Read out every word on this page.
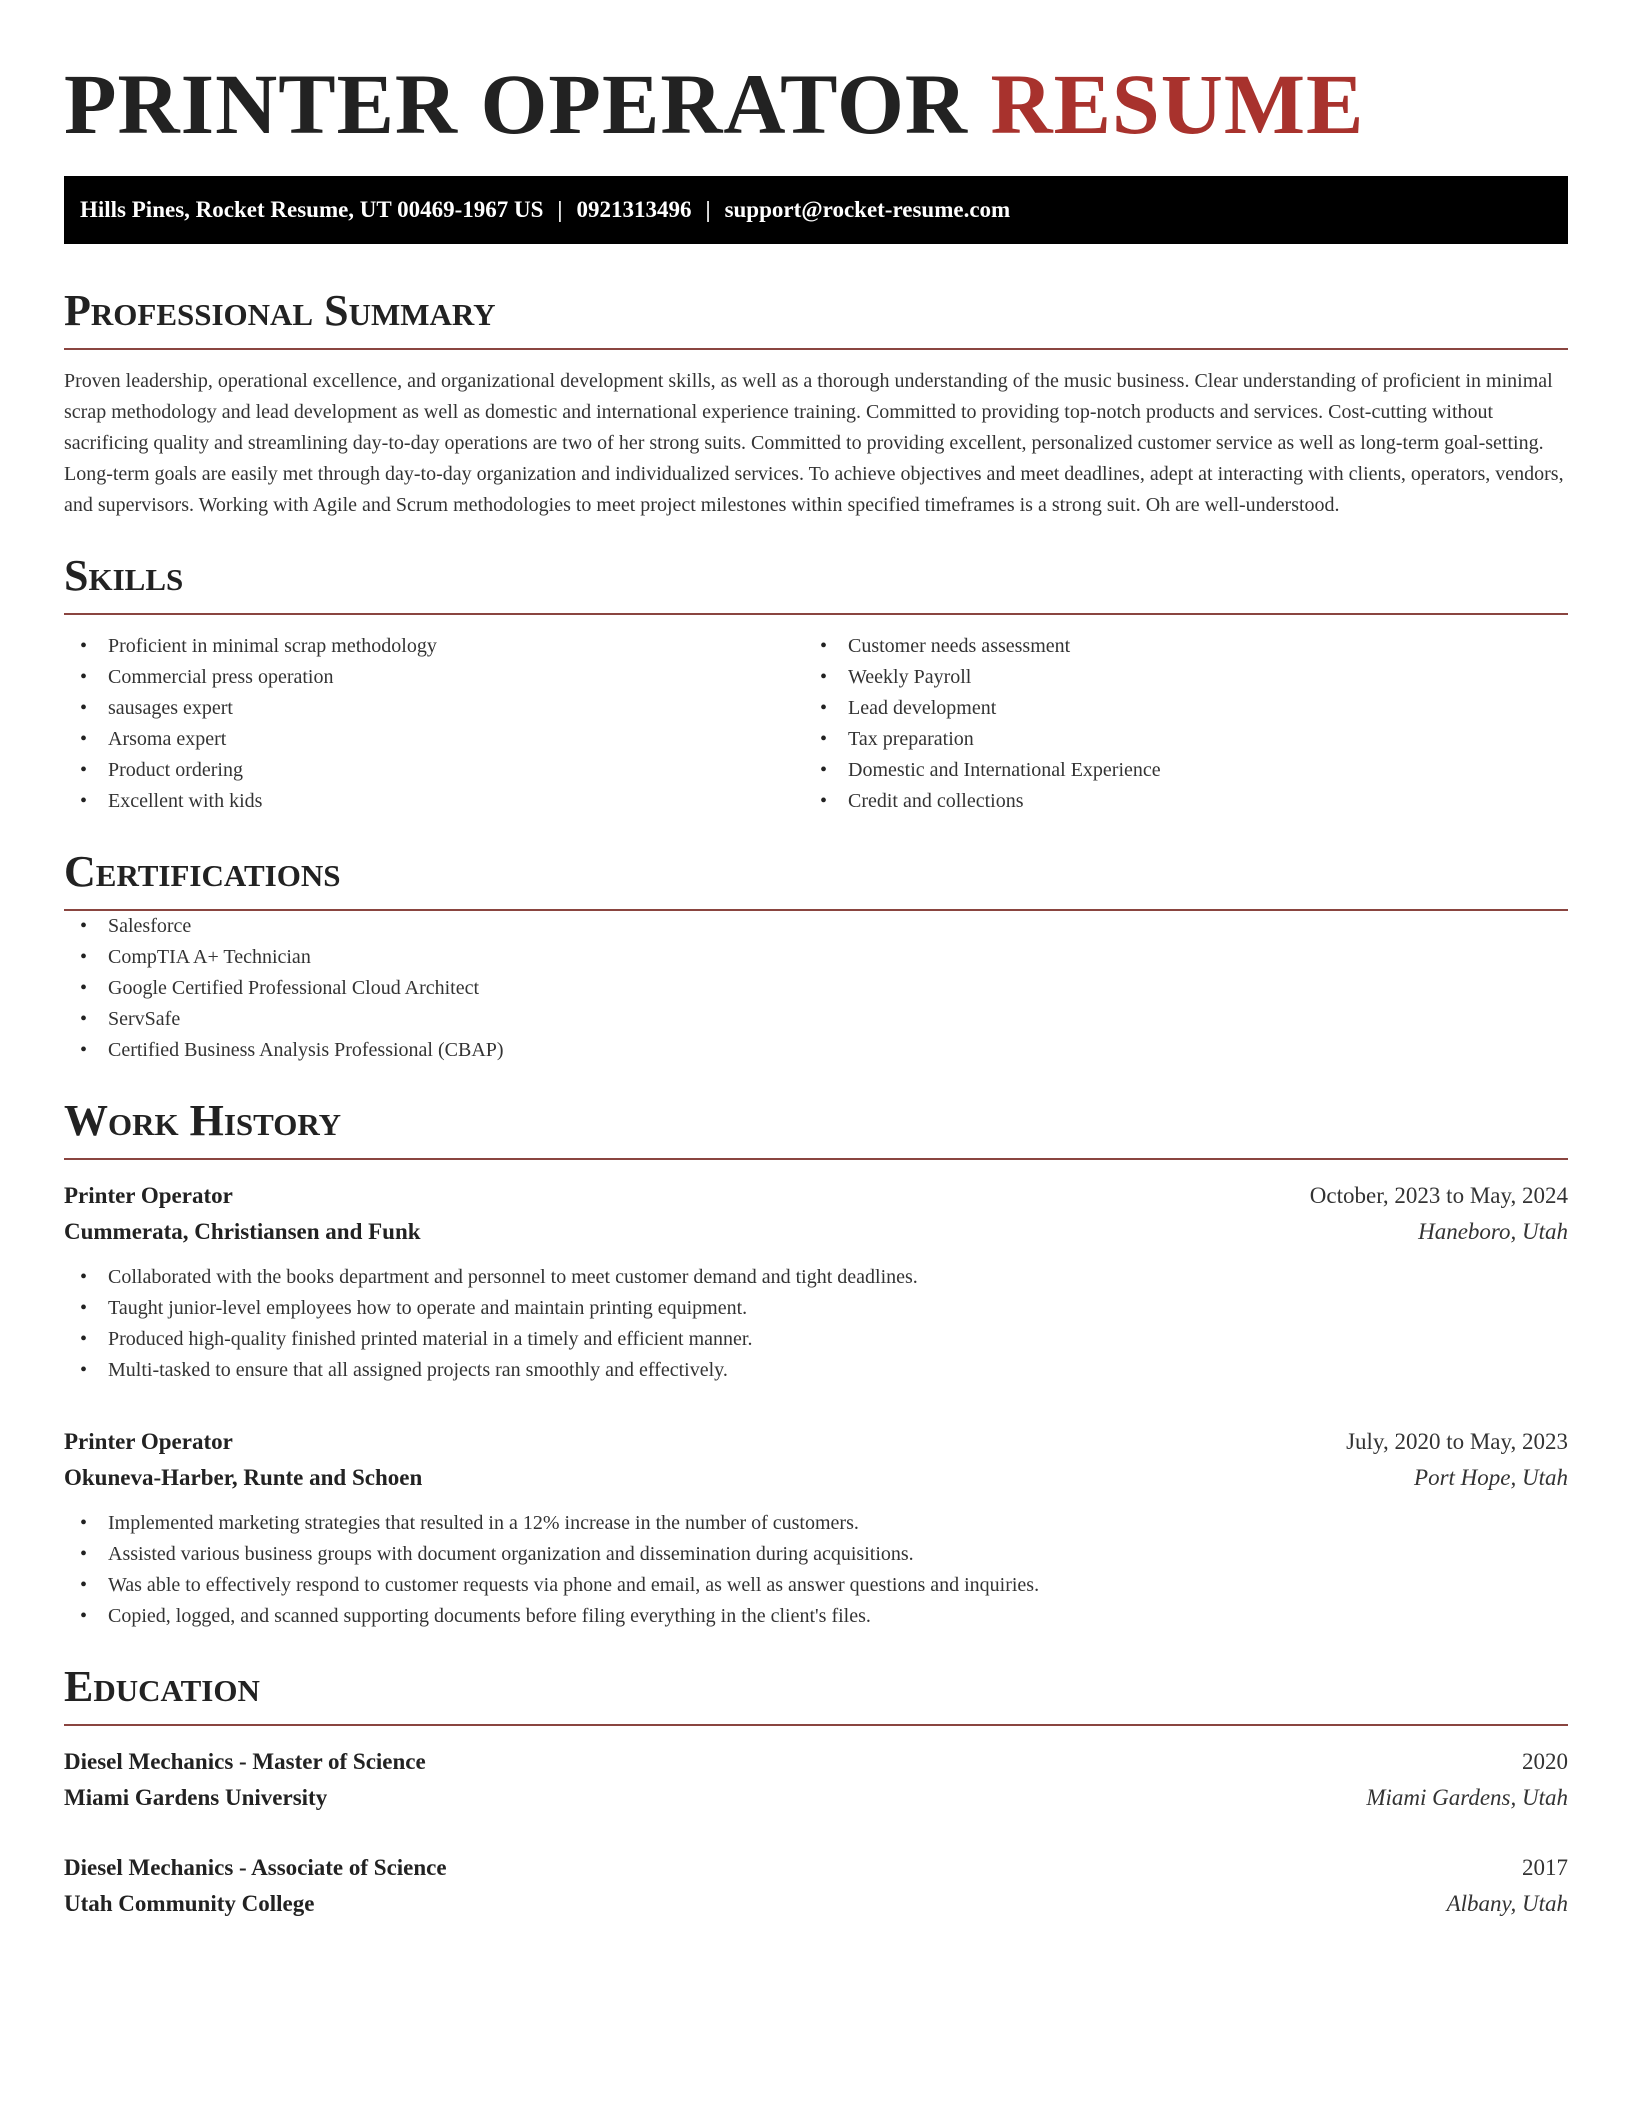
PRINTER OPERATOR RESUME
Hills Pines, Rocket Resume, UT 00469-1967 US | 0921313496 | support@rocket-resume.com
Professional Summary

Proven leadership, operational excellence, and organizational development skills, as well as a thorough understanding of the music business. Clear understanding of proficient in minimal scrap methodology and lead development as well as domestic and international experience training. Committed to providing top-notch products and services. Cost-cutting without sacrificing quality and streamlining day-to-day operations are two of her strong suits. Committed to providing excellent, personalized customer service as well as long-term goal-setting. Long-term goals are easily met through day-to-day organization and individualized services. To achieve objectives and meet deadlines, adept at interacting with clients, operators, vendors, and supervisors. Working with Agile and Scrum methodologies to meet project milestones within specified timeframes is a strong suit. Oh are well-understood.

Skills
• Proficient in minimal scrap methodology
• Commercial press operation
• sausages expert
• Arsoma expert
• Product ordering
• Excellent with kids
• Customer needs assessment
• Weekly Payroll
• Lead development
• Tax preparation
• Domestic and International Experience
• Credit and collections
Certifications
• Salesforce
• CompTIA A+ Technician
• Google Certified Professional Cloud Architect
• ServSafe
• Certified Business Analysis Professional (CBAP)
Work History
Printer Operator	October, 2023 to May, 2024
Cummerata, Christiansen and Funk	Haneboro, Utah
• Collaborated with the books department and personnel to meet customer demand and tight deadlines.
• Taught junior-level employees how to operate and maintain printing equipment.
• Produced high-quality finished printed material in a timely and efficient manner.
• Multi-tasked to ensure that all assigned projects ran smoothly and effectively.
Printer Operator	July, 2020 to May, 2023
Okuneva-Harber, Runte and Schoen	Port Hope, Utah
• Implemented marketing strategies that resulted in a 12% increase in the number of customers.
• Assisted various business groups with document organization and dissemination during acquisitions.
• Was able to effectively respond to customer requests via phone and email, as well as answer questions and inquiries.
• Copied, logged, and scanned supporting documents before filing everything in the client's files.
Education
Diesel Mechanics - Master of Science	2020
Miami Gardens University	Miami Gardens, Utah
Diesel Mechanics - Associate of Science	2017
Utah Community College	Albany, Utah
